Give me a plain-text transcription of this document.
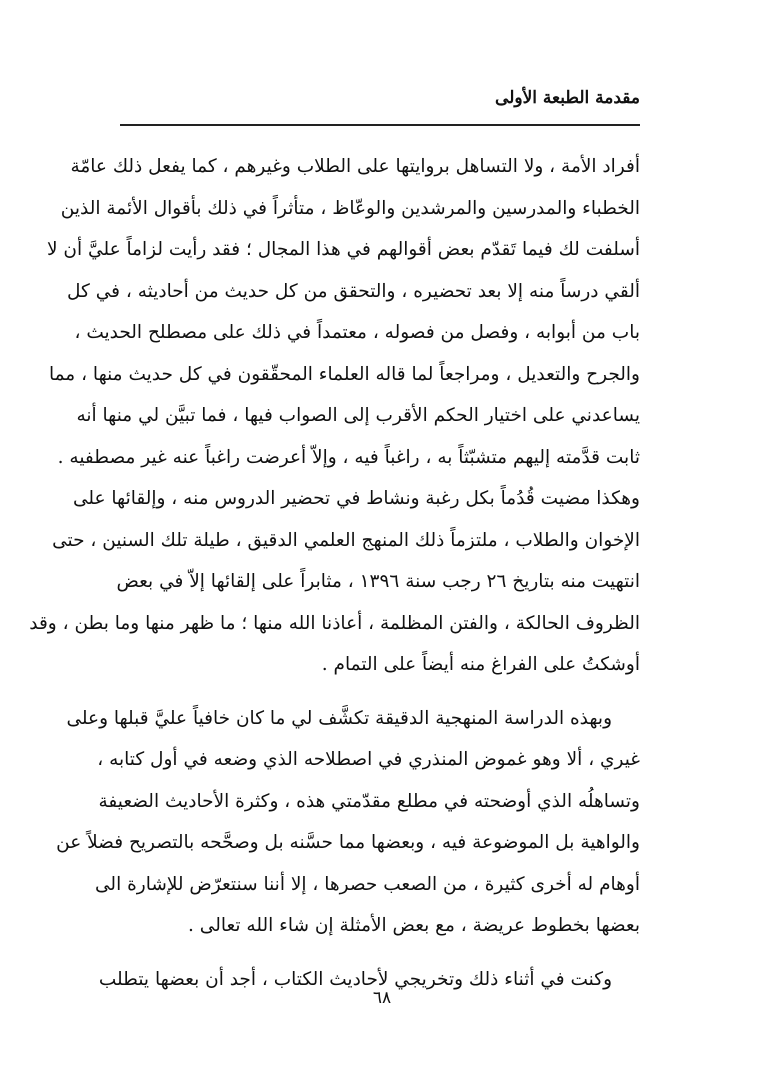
مقدمة الطبعة الأولى
أفراد الأمة ، ولا التساهل بروايتها على الطلاب وغيرهم ، كما يفعل ذلك عامّة
الخطباء والمدرسين والمرشدين والوعّاظ ، متأثراً في ذلك بأقوال الأئمة الذين
أسلفت لك فيما تَقدّم بعض أقوالهم في هذا المجال ؛ فقد رأيت لزاماً عليَّ أن لا
ألقي درساً منه إلا بعد تحضيره ، والتحقق من كل حديث من أحاديثه ، في كل
باب من أبوابه ، وفصل من فصوله ، معتمداً في ذلك على مصطلح الحديث ،
والجرح والتعديل ، ومراجعاً لما قاله العلماء المحقّقون في كل حديث منها ، مما
يساعدني على اختيار الحكم الأقرب إلى الصواب فيها ، فما تبيَّن لي منها أنه
ثابت قدَّمته إليهم متشبّثاً به ، راغباً فيه ، وإلاّ أعرضت راغباً عنه غير مصطفيه .
وهكذا مضيت قُدُماً بكل رغبة ونشاط في تحضير الدروس منه ، وإلقائها على
الإخوان والطلاب ، ملتزماً ذلك المنهج العلمي الدقيق ، طيلة تلك السنين ، حتى
انتهيت منه بتاريخ ٢٦ رجب سنة ١٣٩٦ ، مثابراً على إلقائها إلاّ في بعض
الظروف الحالكة ، والفتن المظلمة ، أعاذنا الله منها ؛ ما ظهر منها وما بطن ، وقد
أوشكتُ على الفراغ منه أيضاً على التمام .
وبهذه الدراسة المنهجية الدقيقة تكشَّف لي ما كان خافياً عليَّ قبلها وعلى
غيري ، ألا وهو غموض المنذري في اصطلاحه الذي وضعه في أول كتابه ،
وتساهلُه الذي أوضحته في مطلع مقدّمتي هذه ، وكثرة الأحاديث الضعيفة
والواهية بل الموضوعة فيه ، وبعضها مما حسَّنه بل وصحَّحه بالتصريح فضلاً عن
أوهام له أخرى كثيرة ، من الصعب حصرها ، إلا أننا سنتعرّض للإشارة الى
بعضها بخطوط عريضة ، مع بعض الأمثلة إن شاء الله تعالى .
وكنت في أثناء ذلك وتخريجي لأحاديث الكتاب ، أجد أن بعضها يتطلب
٦٨
